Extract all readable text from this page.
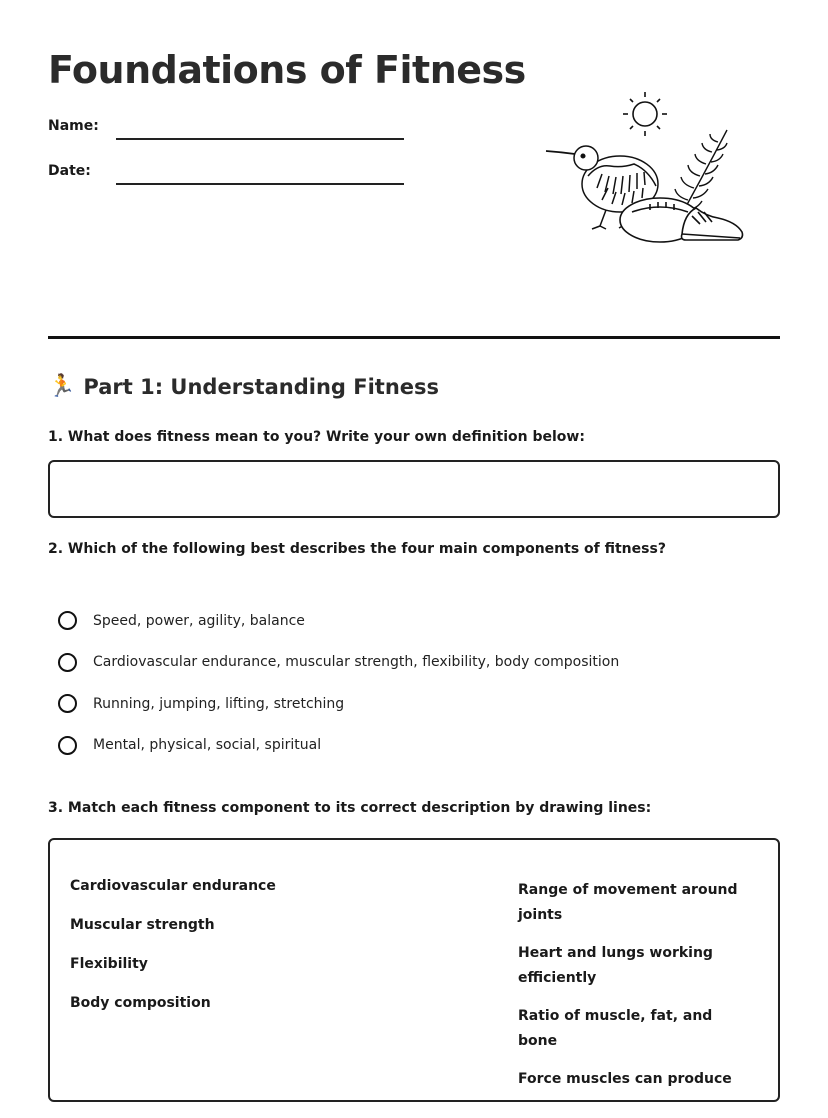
Foundations of Fitness
Name:
Date:
🏃 Part 1: Understanding Fitness
1. What does fitness mean to you? Write your own definition below:
2. Which of the following best describes the four main components of fitness?
Speed, power, agility, balance
Cardiovascular endurance, muscular strength, flexibility, body composition
Running, jumping, lifting, stretching
Mental, physical, social, spiritual
3. Match each fitness component to its correct description by drawing lines:
Cardiovascular endurance
Muscular strength
Flexibility
Body composition
Range of movement around joints
Heart and lungs working efficiently
Ratio of muscle, fat, and bone
Force muscles can produce
